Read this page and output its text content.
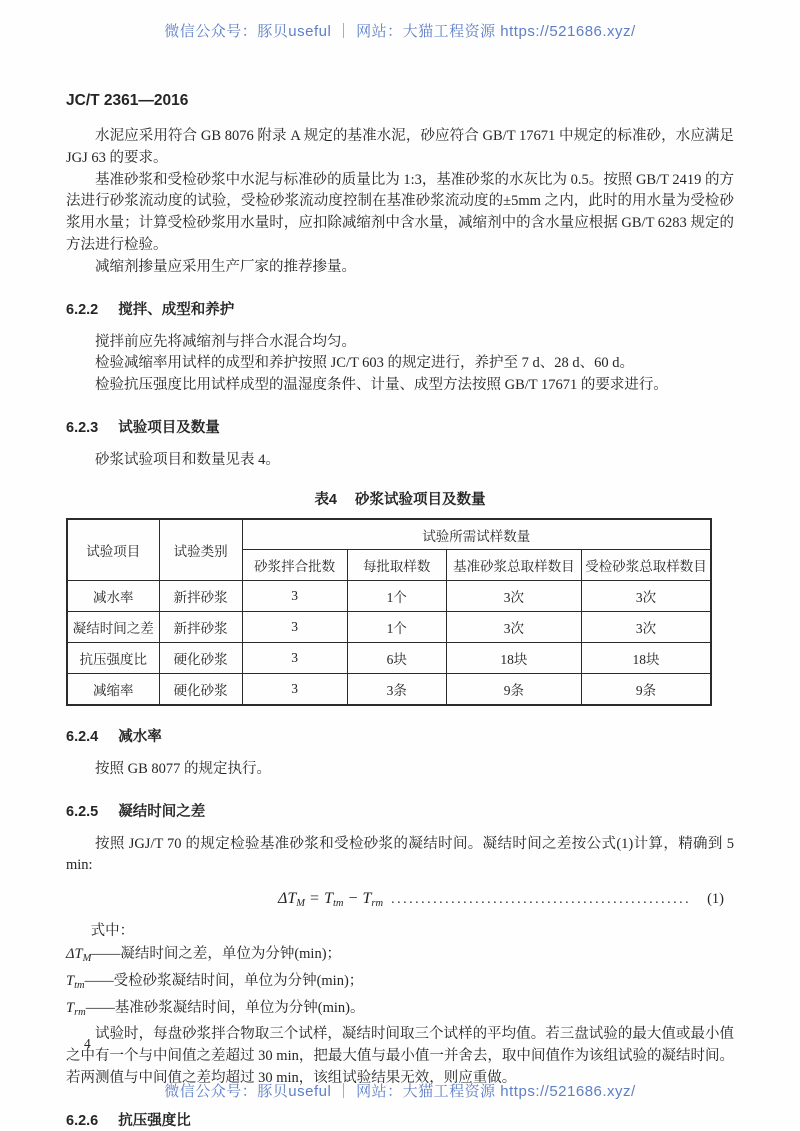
微信公众号：豚贝useful ｜ 网站：大猫工程资源 https://521686.xyz/
JC/T 2361—2016

水泥应采用符合 GB 8076 附录 A 规定的基准水泥，砂应符合 GB/T 17671 中规定的标准砂，水应满足 JGJ 63 的要求。

基准砂浆和受检砂浆中水泥与标准砂的质量比为 1:3，基准砂浆的水灰比为 0.5。按照 GB/T 2419 的方法进行砂浆流动度的试验，受检砂浆流动度控制在基准砂浆流动度的±5mm 之内，此时的用水量为受检砂浆用水量；计算受检砂浆用水量时，应扣除减缩剂中含水量，减缩剂中的含水量应根据 GB/T 6283 规定的方法进行检验。

减缩剂掺量应采用生产厂家的推荐掺量。

6.2.2 搅拌、成型和养护

搅拌前应先将减缩剂与拌合水混合均匀。

检验减缩率用试样的成型和养护按照 JC/T 603 的规定进行，养护至 7 d、28 d、60 d。

检验抗压强度比用试样成型的温湿度条件、计量、成型方法按照 GB/T 17671 的要求进行。

6.2.3 试验项目及数量

砂浆试验项目和数量见表 4。

表4 砂浆试验项目及数量
试验项目	试验类别	试验所需试样数量			
		砂浆拌合批数	每批取样数	基准砂浆总取样数目	受检砂浆总取样数目
减水率	新拌砂浆	3	1个	3次	3次
凝结时间之差	新拌砂浆	3	1个	3次	3次
抗压强度比	硬化砂浆	3	6块	18块	18块
减缩率	硬化砂浆	3	3条	9条	9条
6.2.4 减水率

按照 GB 8077 的规定执行。

6.2.5 凝结时间之差

按照 JGJ/T 70 的规定检验基准砂浆和受检砂浆的凝结时间。凝结时间之差按公式(1)计算，精确到 5 min:

$\Delta T_M = T_{tm} - T_{rm}$ ..................................................	(1)
式中：
$\Delta T_M——$凝结时间之差，单位为分钟(min)；
$T_{tm}——$受检砂浆凝结时间，单位为分钟(min)；
$T_{rm}——$基准砂浆凝结时间，单位为分钟(min)。

试验时，每盘砂浆拌合物取三个试样，凝结时间取三个试样的平均值。若三盘试验的最大值或最小值之中有一个与中间值之差超过 30 min，把最大值与最小值一并舍去，取中间值作为该组试验的凝结时间。若两测值与中间值之差均超过 30 min，该组试验结果无效，则应重做。

6.2.6 抗压强度比
4
微信公众号：豚贝useful ｜ 网站：大猫工程资源 https://521686.xyz/
